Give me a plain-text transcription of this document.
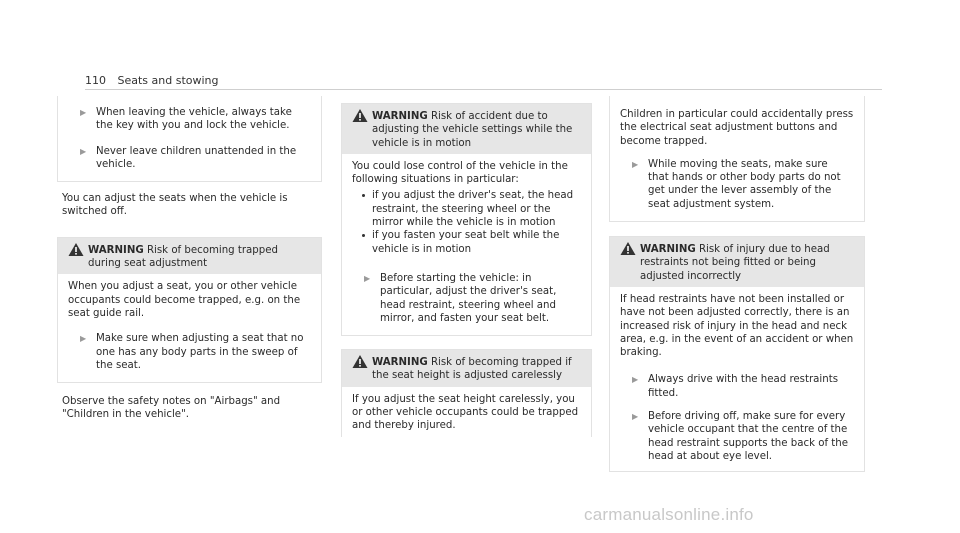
110 Seats and stowing
▶ When leaving the vehicle, always take the key with you and lock the vehicle.
▶ Never leave children unattended in the vehicle.
You can adjust the seats when the vehicle is switched off.
WARNING Risk of becoming trapped during seat adjustment
When you adjust a seat, you or other vehicle occupants could become trapped, e.g. on the seat guide rail.
▶ Make sure when adjusting a seat that no one has any body parts in the sweep of the seat.
Observe the safety notes on "Airbags" and "Children in the vehicle".
WARNING Risk of accident due to adjusting the vehicle settings while the vehicle is in motion
You could lose control of the vehicle in the following situations in particular:
if you adjust the driver's seat, the head restraint, the steering wheel or the mirror while the vehicle is in motion
if you fasten your seat belt while the vehicle is in motion
▶ Before starting the vehicle: in particular, adjust the driver's seat, head restraint, steering wheel and mirror, and fasten your seat belt.
WARNING Risk of becoming trapped if the seat height is adjusted carelessly
If you adjust the seat height carelessly, you or other vehicle occupants could be trapped and thereby injured.
Children in particular could accidentally press the electrical seat adjustment buttons and become trapped.
▶ While moving the seats, make sure that hands or other body parts do not get under the lever assembly of the seat adjustment system.
WARNING Risk of injury due to head restraints not being fitted or being adjusted incorrectly
If head restraints have not been installed or have not been adjusted correctly, there is an increased risk of injury in the head and neck area, e.g. in the event of an accident or when braking.
▶ Always drive with the head restraints fitted.
▶ Before driving off, make sure for every vehicle occupant that the centre of the head restraint supports the back of the head at about eye level.
carmanualsonline.info
